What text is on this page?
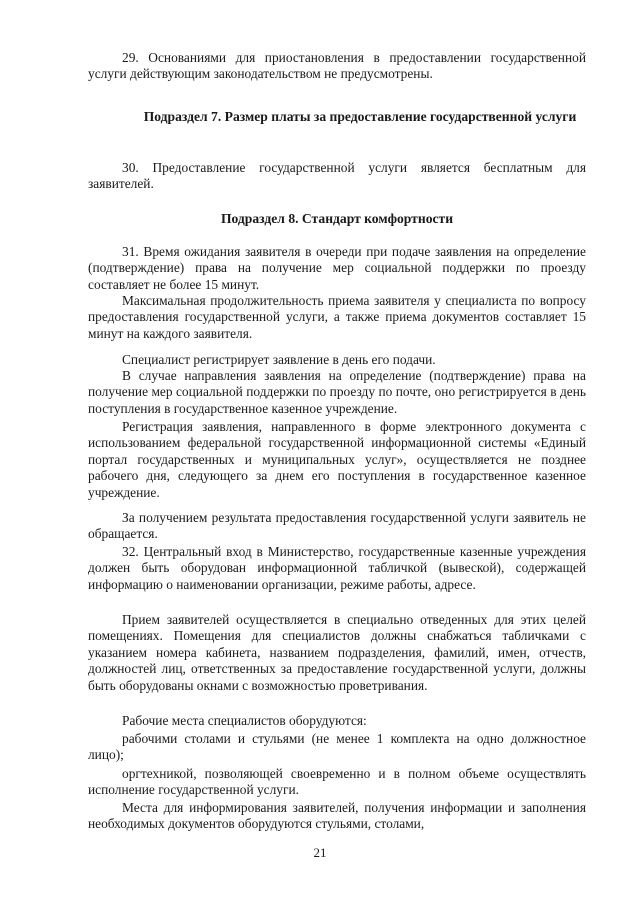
29. Основаниями для приостановления в предоставлении государственной услуги действующим законодательством не предусмотрены.

Подраздел 7. Размер платы за предоставление государственной услуги

30. Предоставление государственной услуги является бесплатным для заявителей.

Подраздел 8. Стандарт комфортности

31. Время ожидания заявителя в очереди при подаче заявления на определение (подтверждение) права на получение мер социальной поддержки по проезду составляет не более 15 минут.

Максимальная продолжительность приема заявителя у специалиста по вопросу предоставления государственной услуги, а также приема документов составляет 15 минут на каждого заявителя.

Специалист регистрирует заявление в день его подачи.

В случае направления заявления на определение (подтверждение) права на получение мер социальной поддержки по проезду по почте, оно регистрируется в день поступления в государственное казенное учреждение.

Регистрация заявления, направленного в форме электронного документа с использованием федеральной государственной информационной системы «Единый портал государственных и муниципальных услуг», осуществляется не позднее рабочего дня, следующего за днем его поступления в государственное казенное учреждение.

За получением результата предоставления государственной услуги заявитель не обращается.

32. Центральный вход в Министерство, государственные казенные учреждения должен быть оборудован информационной табличкой (вывеской), содержащей информацию о наименовании организации, режиме работы, адресе.

Прием заявителей осуществляется в специально отведенных для этих целей помещениях. Помещения для специалистов должны снабжаться табличками с указанием номера кабинета, названием подразделения, фамилий, имен, отчеств, должностей лиц, ответственных за предоставление государственной услуги, должны быть оборудованы окнами с возможностью проветривания.

Рабочие места специалистов оборудуются:

рабочими столами и стульями (не менее 1 комплекта на одно должностное лицо);

оргтехникой, позволяющей своевременно и в полном объеме осуществлять исполнение государственной услуги.

Места для информирования заявителей, получения информации и заполнения необходимых документов оборудуются стульями, столами,

21
